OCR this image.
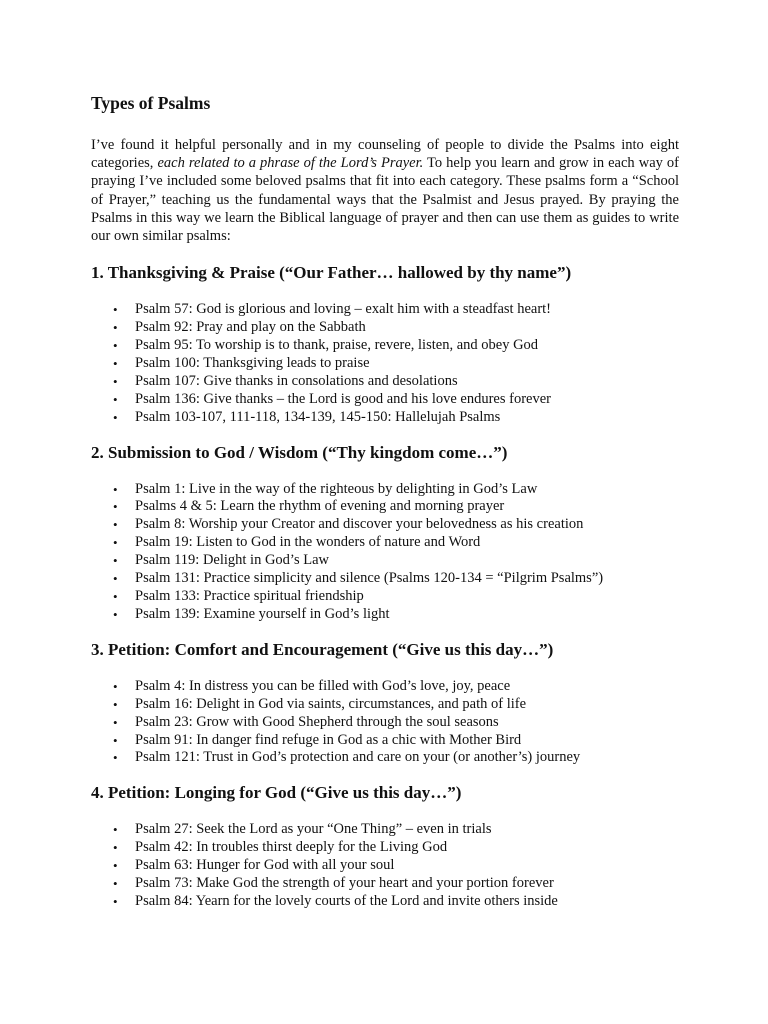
Types of Psalms

I’ve found it helpful personally and in my counseling of people to divide the Psalms into eight categories, each related to a phrase of the Lord’s Prayer. To help you learn and grow in each way of praying I’ve included some beloved psalms that fit into each category. These psalms form a “School of Prayer,” teaching us the fundamental ways that the Psalmist and Jesus prayed. By praying the Psalms in this way we learn the Biblical language of prayer and then can use them as guides to write our own similar psalms:

1. Thanksgiving & Praise (“Our Father… hallowed by thy name”)
• Psalm 57: God is glorious and loving – exalt him with a steadfast heart!
• Psalm 92: Pray and play on the Sabbath
• Psalm 95: To worship is to thank, praise, revere, listen, and obey God
• Psalm 100: Thanksgiving leads to praise
• Psalm 107: Give thanks in consolations and desolations
• Psalm 136: Give thanks – the Lord is good and his love endures forever
• Psalm 103-107, 111-118, 134-139, 145-150: Hallelujah Psalms
2. Submission to God / Wisdom (“Thy kingdom come…”)
• Psalm 1: Live in the way of the righteous by delighting in God’s Law
• Psalms 4 & 5: Learn the rhythm of evening and morning prayer
• Psalm 8: Worship your Creator and discover your belovedness as his creation
• Psalm 19: Listen to God in the wonders of nature and Word
• Psalm 119: Delight in God’s Law
• Psalm 131: Practice simplicity and silence (Psalms 120-134 = “Pilgrim Psalms”)
• Psalm 133: Practice spiritual friendship
• Psalm 139: Examine yourself in God’s light
3. Petition: Comfort and Encouragement (“Give us this day…”)
• Psalm 4: In distress you can be filled with God’s love, joy, peace
• Psalm 16: Delight in God via saints, circumstances, and path of life
• Psalm 23: Grow with Good Shepherd through the soul seasons
• Psalm 91: In danger find refuge in God as a chic with Mother Bird
• Psalm 121: Trust in God’s protection and care on your (or another’s) journey
4. Petition: Longing for God (“Give us this day…”)
• Psalm 27: Seek the Lord as your “One Thing” – even in trials
• Psalm 42: In troubles thirst deeply for the Living God
• Psalm 63: Hunger for God with all your soul
• Psalm 73: Make God the strength of your heart and your portion forever
• Psalm 84: Yearn for the lovely courts of the Lord and invite others inside
